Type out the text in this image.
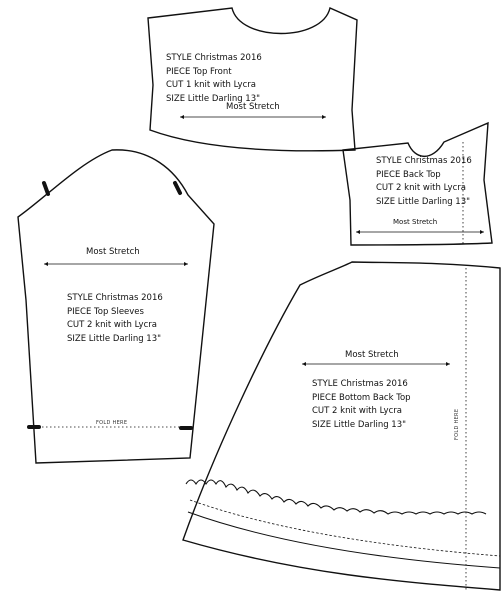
STYLE Christmas 2016
PIECE Top Front
CUT 1 knit with Lycra
SIZE Little Darling 13"
Most Stretch
STYLE Christmas 2016
PIECE Back Top
CUT 2 knit with Lycra
SIZE Little Darling 13"
Most Stretch
STYLE Christmas 2016
PIECE Top Sleeves
CUT 2 knit with Lycra
SIZE Little Darling 13"
Most Stretch
FOLD HERE
STYLE Christmas 2016
PIECE Bottom Back Top
CUT 2 knit with Lycra
SIZE Little Darling 13"
Most Stretch
FOLD HERE
